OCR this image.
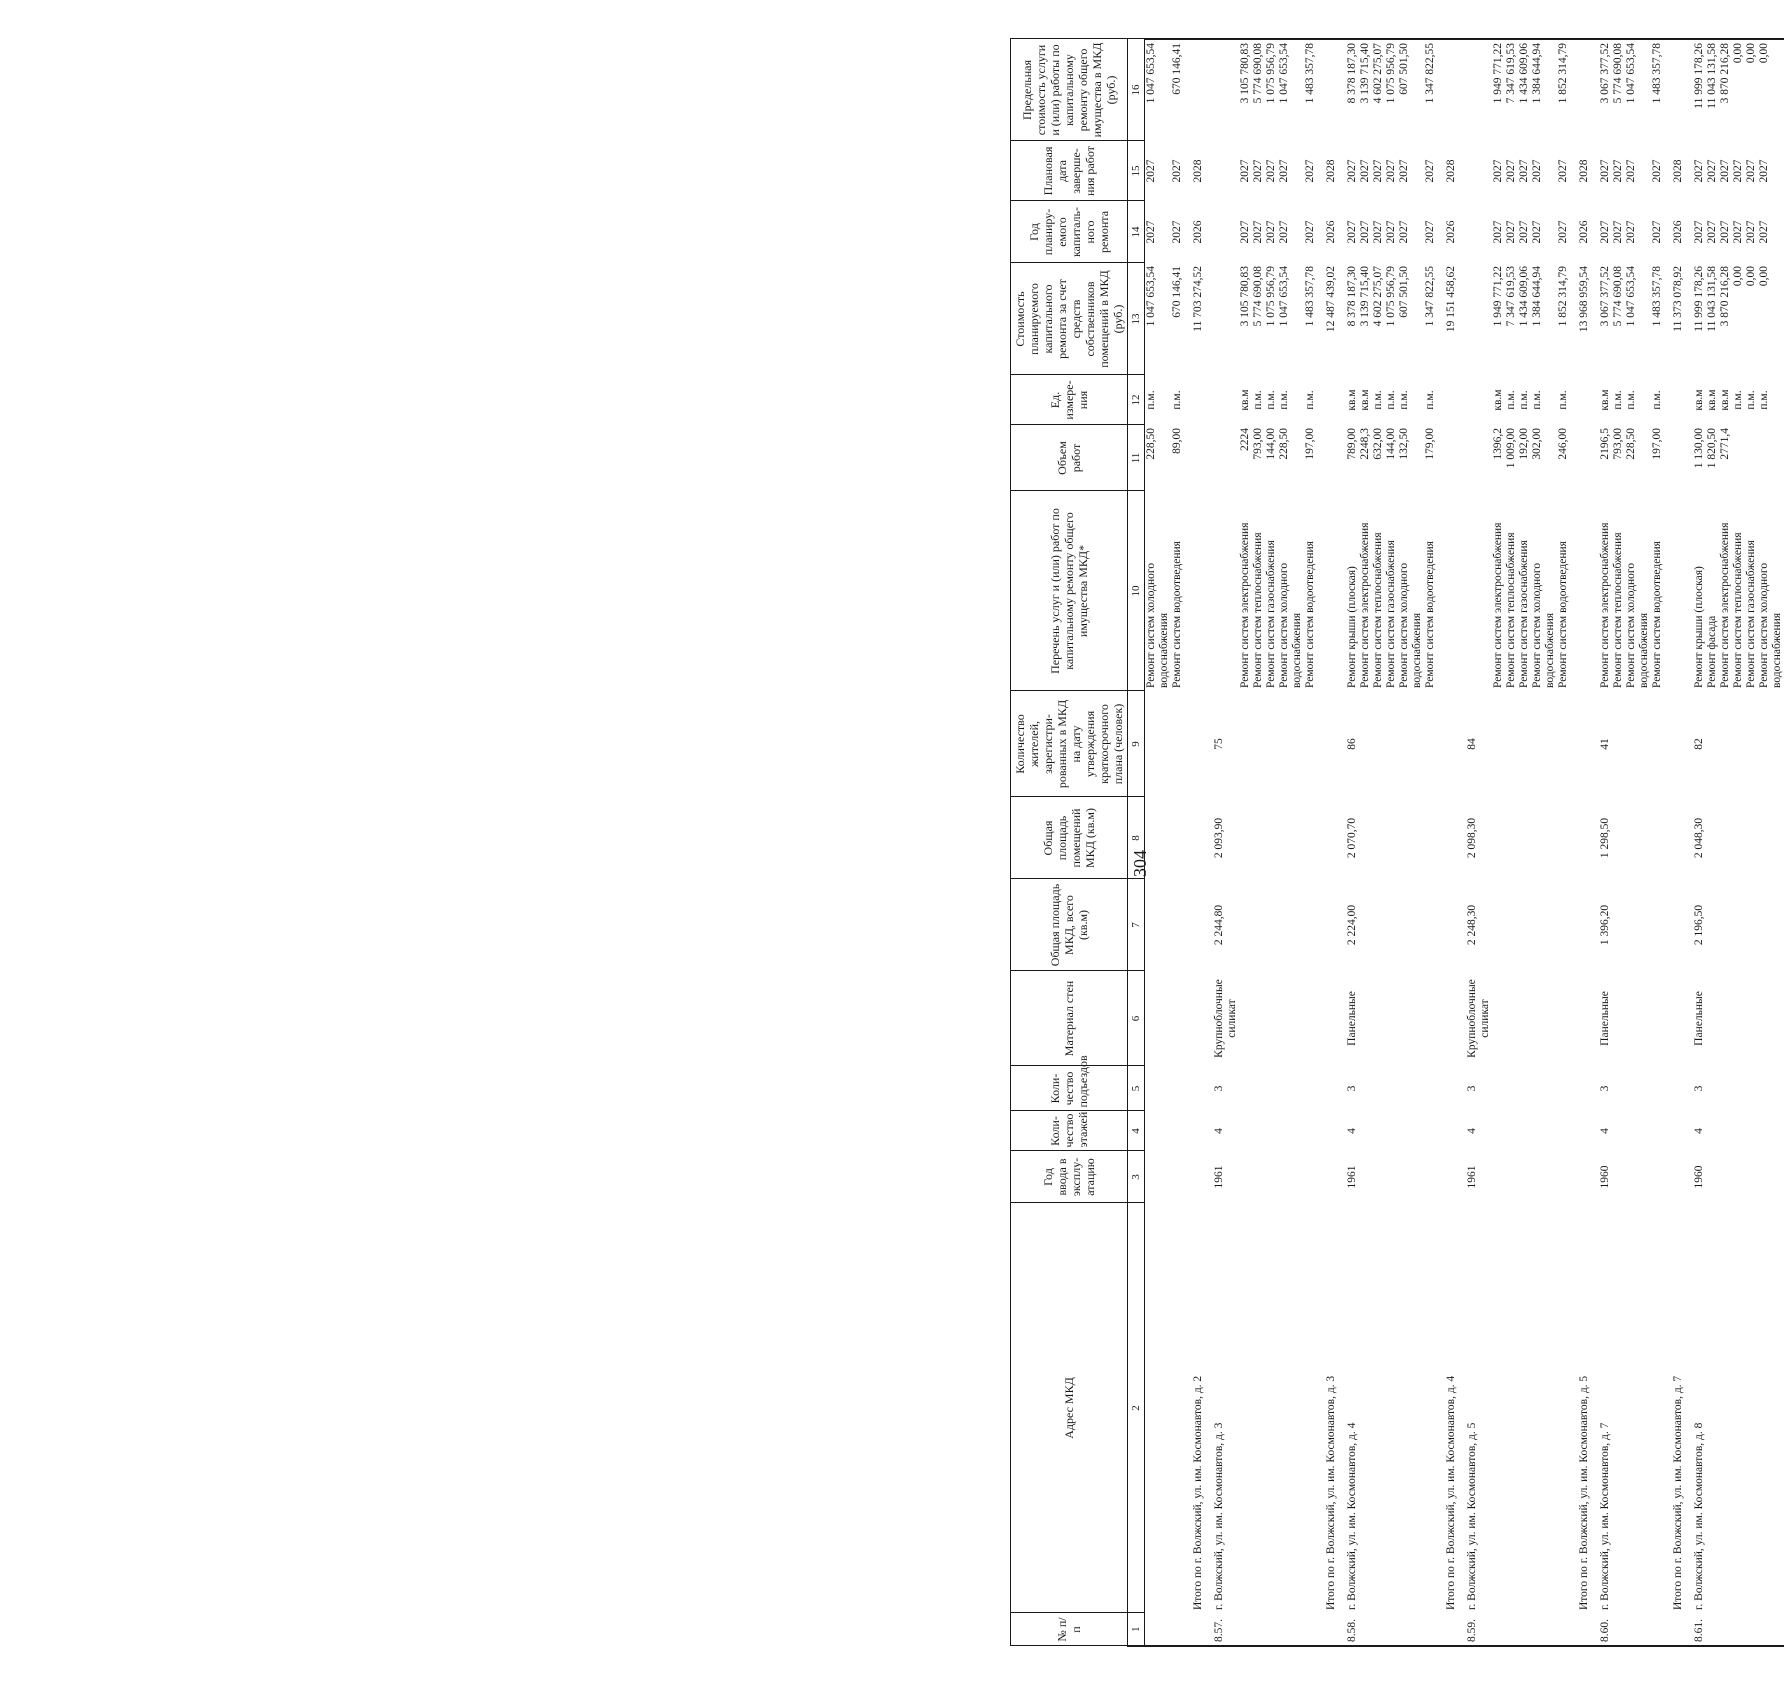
304
№ п/п	Адрес МКД	Год ввода в эксплу- атацию	Коли- чество этажей	Коли- чество подъездов	Материал стен	Общая площадь МКД, всего (кв.м)	Общая площадь помещений МКД (кв.м)	Количество жителей, зарегистри- рованных в МКД на дату утверждения краткосрочного плана (человек)	Перечень услуг и (или) работ по капитальному ремонту общего имущества МКД*	Объем работ	Ед. измере- ния	Стоимость планируемого капитального ремонта за счет средств собственников помещений в МКД (руб.)	Год планиру- емого капиталь- ного ремонта	Плановая дата заверше- ния работ	Предельная стоимость услуги и (или) работы по капитальному ремонту общего имущества в МКД (руб.)
1	2	3	4	5	6	7	8	9	10	11	12	13	14	15	16
									Ремонт систем холодного водоснабжения	228,50	п.м.	1 047 653,54	2027	2027	1 047 653,54
									Ремонт систем водоотведения	89,00	п.м.	670 146,41	2027	2027	670 146,41
	Итого по г. Волжский, ул. им. Космонавтов, д. 2											11 703 274,52	2026	2028	
8.57.	г. Волжский, ул. им. Космонавтов, д. 3	1961	4	3	Крупноблочные силикат	2 244,80	2 093,90	75							
									Ремонт систем электроснабжения	2224	кв.м	3 105 780,83	2027	2027	3 105 780,83
									Ремонт систем теплоснабжения	793,00	п.м.	5 774 690,08	2027	2027	5 774 690,08
									Ремонт систем газоснабжения	144,00	п.м.	1 075 956,79	2027	2027	1 075 956,79
									Ремонт систем холодного водоснабжения	228,50	п.м.	1 047 653,54	2027	2027	1 047 653,54
									Ремонт систем водоотведения	197,00	п.м.	1 483 357,78	2027	2027	1 483 357,78
	Итого по г. Волжский, ул. им. Космонавтов, д. 3											12 487 439,02	2026	2028	
8.58.	г. Волжский, ул. им. Космонавтов, д. 4	1961	4	3	Панельные	2 224,00	2 070,70	86	Ремонт крыши (плоская)	789,00	кв.м	8 378 187,30	2027	2027	8 378 187,30
									Ремонт систем электроснабжения	2248,3	кв.м	3 139 715,40	2027	2027	3 139 715,40
									Ремонт систем теплоснабжения	632,00	п.м.	4 602 275,07	2027	2027	4 602 275,07
									Ремонт систем газоснабжения	144,00	п.м.	1 075 956,79	2027	2027	1 075 956,79
									Ремонт систем холодного водоснабжения	132,50	п.м.	607 501,50	2027	2027	607 501,50
									Ремонт систем водоотведения	179,00	п.м.	1 347 822,55	2027	2027	1 347 822,55
	Итого по г. Волжский, ул. им. Космонавтов, д. 4											19 151 458,62	2026	2028	
8.59.	г. Волжский, ул. им. Космонавтов, д. 5	1961	4	3	Крупноблочные силикат	2 248,30	2 098,30	84							
									Ремонт систем электроснабжения	1396,2	кв.м	1 949 771,22	2027	2027	1 949 771,22
									Ремонт систем теплоснабжения	1 009,00	п.м.	7 347 619,53	2027	2027	7 347 619,53
									Ремонт систем газоснабжения	192,00	п.м.	1 434 609,06	2027	2027	1 434 609,06
									Ремонт систем холодного водоснабжения	302,00	п.м.	1 384 644,94	2027	2027	1 384 644,94
									Ремонт систем водоотведения	246,00	п.м.	1 852 314,79	2027	2027	1 852 314,79
	Итого по г. Волжский, ул. им. Космонавтов, д. 5											13 968 959,54	2026	2028	
8.60.	г. Волжский, ул. им. Космонавтов, д. 7	1960	4	3	Панельные	1 396,20	1 298,50	41	Ремонт систем электроснабжения	2196,5	кв.м	3 067 377,52	2027	2027	3 067 377,52
									Ремонт систем теплоснабжения	793,00	п.м.	5 774 690,08	2027	2027	5 774 690,08
									Ремонт систем холодного водоснабжения	228,50	п.м.	1 047 653,54	2027	2027	1 047 653,54
									Ремонт систем водоотведения	197,00	п.м.	1 483 357,78	2027	2027	1 483 357,78
	Итого по г. Волжский, ул. им. Космонавтов, д. 7											11 373 078,92	2026	2028	
8.61.	г. Волжский, ул. им. Космонавтов, д. 8	1960	4	3	Панельные	2 196,50	2 048,30	82	Ремонт крыши (плоская)	1 130,00	кв.м	11 999 178,26	2027	2027	11 999 178,26
									Ремонт фасада	1 820,50	кв.м	11 043 131,58	2027	2027	11 043 131,58
									Ремонт систем электроснабжения	2771,4	кв.м	3 870 216,28	2027	2027	3 870 216,28
									Ремонт систем теплоснабжения		п.м.	0,00	2027	2027	0,00
									Ремонт систем газоснабжения		п.м.	0,00	2027	2027	0,00
									Ремонт систем холодного водоснабжения		п.м.	0,00	2027	2027	0,00
